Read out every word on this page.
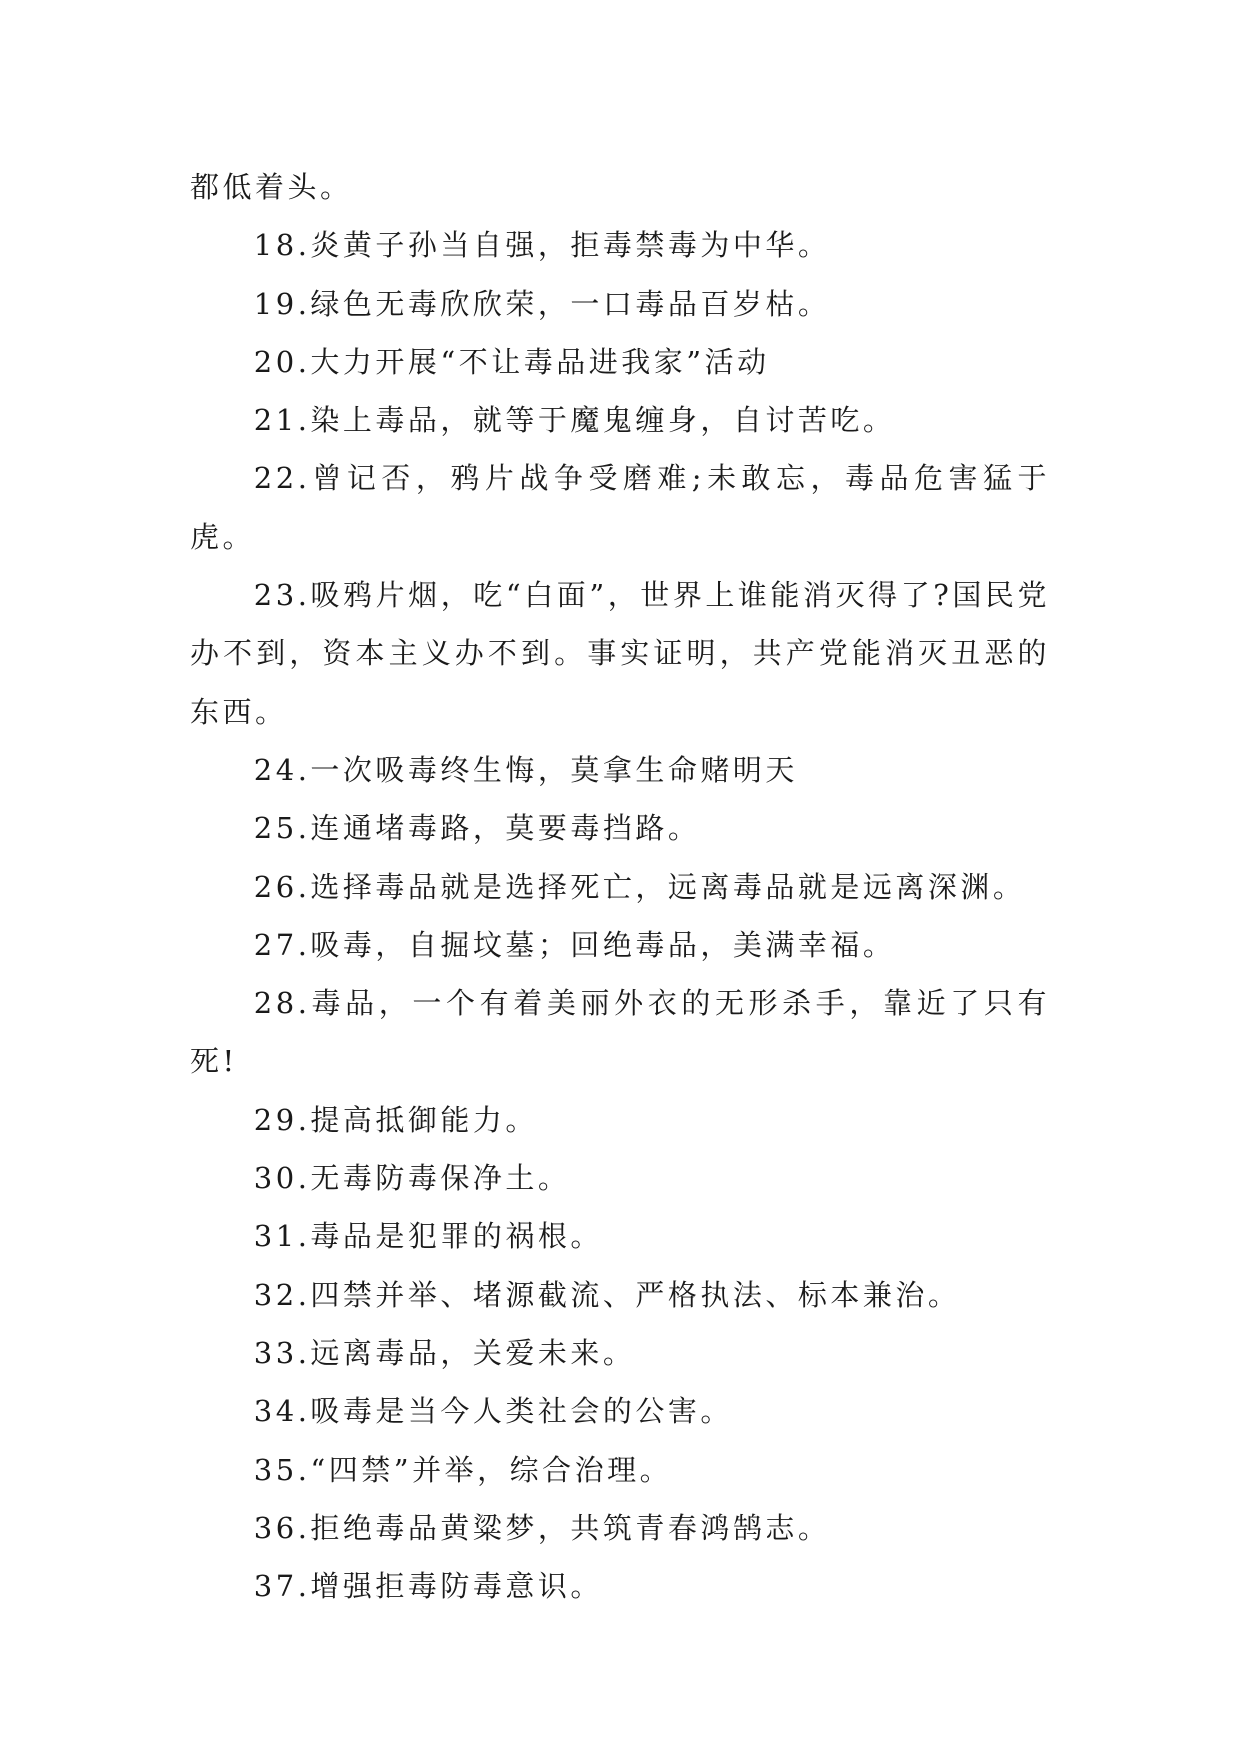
都低着头。

18.炎黄子孙当自强，拒毒禁毒为中华。

19.绿色无毒欣欣荣，一口毒品百岁枯。

20.大力开展“不让毒品进我家”活动

21.染上毒品，就等于魔鬼缠身，自讨苦吃。

22.曾记否，鸦片战争受磨难;未敢忘，毒品危害猛于虎。

23.吸鸦片烟，吃“白面”，世界上谁能消灭得了?国民党办不到，资本主义办不到。事实证明，共产党能消灭丑恶的东西。

24.一次吸毒终生悔，莫拿生命赌明天

25.连通堵毒路，莫要毒挡路。

26.选择毒品就是选择死亡，远离毒品就是远离深渊。

27.吸毒，自掘坟墓；回绝毒品，美满幸福。

28.毒品，一个有着美丽外衣的无形杀手，靠近了只有死!

29.提高抵御能力。

30.无毒防毒保净土。

31.毒品是犯罪的祸根。

32.四禁并举、堵源截流、严格执法、标本兼治。

33.远离毒品，关爱未来。

34.吸毒是当今人类社会的公害。

35.“四禁”并举，综合治理。

36.拒绝毒品黄粱梦，共筑青春鸿鹄志。

37.增强拒毒防毒意识。
